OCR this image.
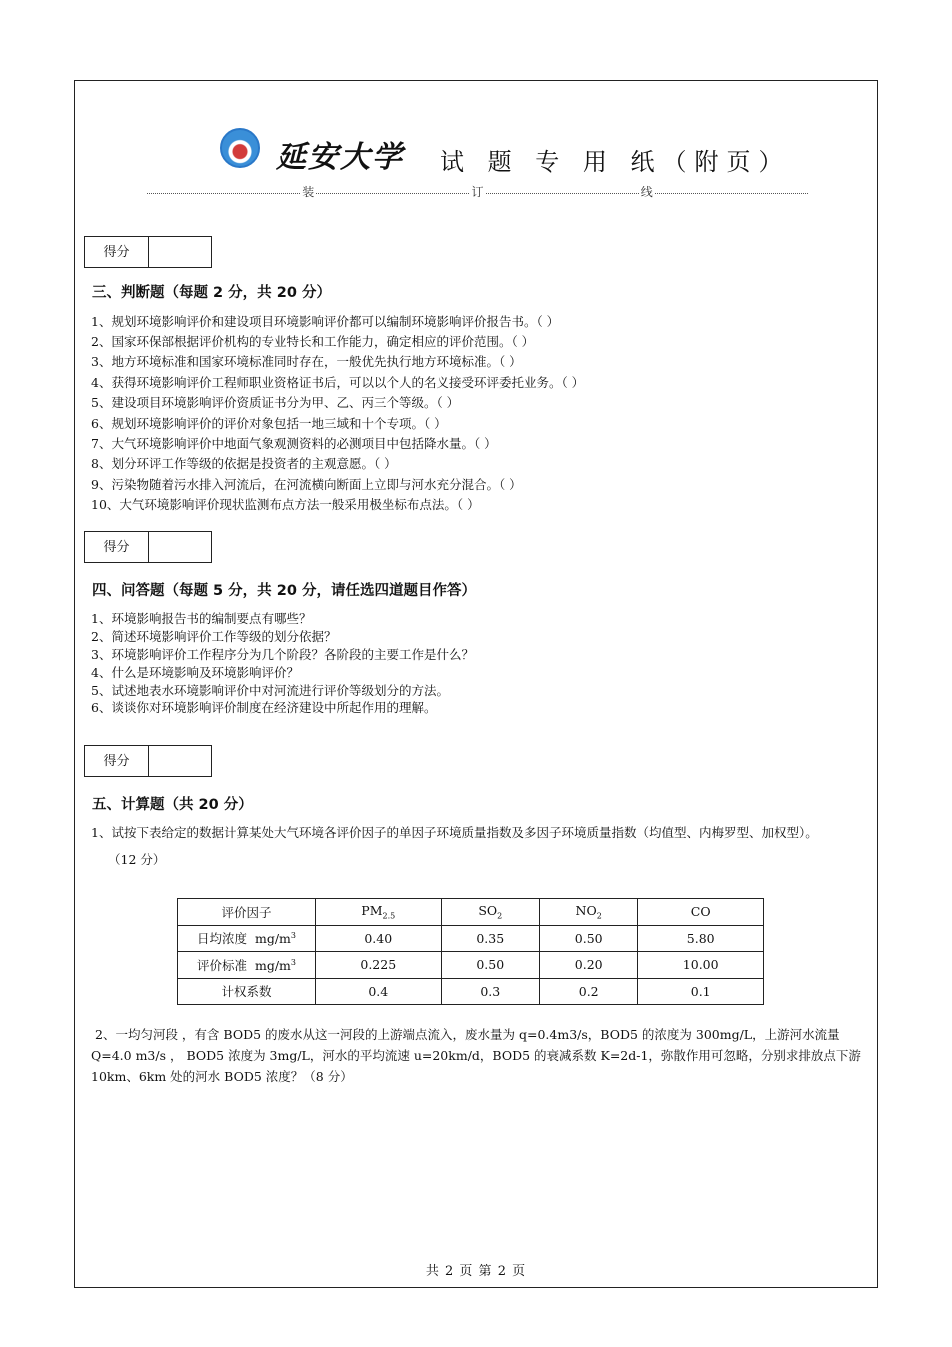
延安大学 试 题 专 用 纸（附页）
装	订	线
得分
三、判断题（每题 2 分，共 20 分）
1、规划环境影响评价和建设项目环境影响评价都可以编制环境影响评价报告书。（ ）
2、国家环保部根据评价机构的专业特长和工作能力，确定相应的评价范围。（ ）
3、地方环境标准和国家环境标准同时存在，一般优先执行地方环境标准。（ ）
4、获得环境影响评价工程师职业资格证书后，可以以个人的名义接受环评委托业务。（ ）
5、建设项目环境影响评价资质证书分为甲、乙、丙三个等级。（ ）
6、规划环境影响评价的评价对象包括一地三域和十个专项。（ ）
7、大气环境影响评价中地面气象观测资料的必测项目中包括降水量。（ ）
8、划分环评工作等级的依据是投资者的主观意愿。（ ）
9、污染物随着污水排入河流后，在河流横向断面上立即与河水充分混合。（ ）
10、大气环境影响评价现状监测布点方法一般采用极坐标布点法。（ ）
得分
四、问答题（每题 5 分，共 20 分，请任选四道题目作答）
1、环境影响报告书的编制要点有哪些？
2、简述环境影响评价工作等级的划分依据？
3、环境影响评价工作程序分为几个阶段？各阶段的主要工作是什么？
4、什么是环境影响及环境影响评价？
5、试述地表水环境影响评价中对河流进行评价等级划分的方法。
6、谈谈你对环境影响评价制度在经济建设中所起作用的理解。
得分
五、计算题（共 20 分）
1、试按下表给定的数据计算某处大气环境各评价因子的单因子环境质量指数及多因子环境质量指数（均值型、内梅罗型、加权型）。
（12 分）
评价因子	$PM_{2.5}$	$SO_2$	$NO_2$	CO
日均浓度  $mg/m^3$	0.40	0.35	0.50	5.80
评价标准  $mg/m^3$	0.225	0.50	0.20	10.00
计权系数	0.4	0.3	0.2	0.1
2、一均匀河段 ，有含 BOD5 的废水从这一河段的上游端点流入，废水量为 q=0.4m3/s，BOD5 的浓度为 300mg/L，上游河水流量
Q=4.0 m3/s ， BOD5 浓度为 3mg/L，河水的平均流速 u=20km/d，BOD5 的衰减系数 K=2d-1，弥散作用可忽略，分别求排放点下游
10km、6km 处的河水 BOD5 浓度？（8 分）
共 2 页 第 2 页
